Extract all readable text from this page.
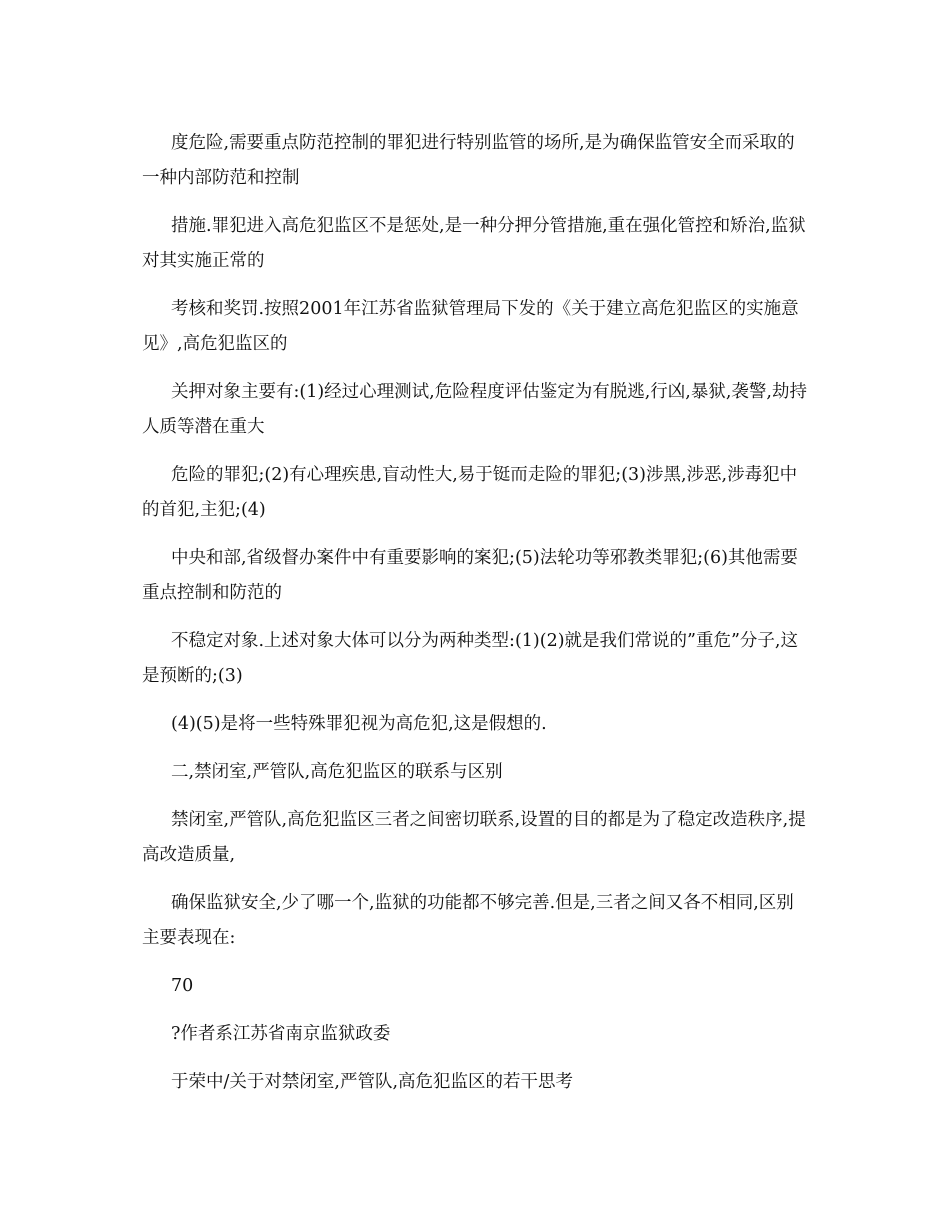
度危险,需要重点防范控制的罪犯进行特别监管的场所,是为确保监管安全而采取的一种内部防范和控制

措施.罪犯进入高危犯监区不是惩处,是一种分押分管措施,重在强化管控和矫治,监狱对其实施正常的

考核和奖罚.按照2001年江苏省监狱管理局下发的《关于建立高危犯监区的实施意见》,高危犯监区的

关押对象主要有:(1)经过心理测试,危险程度评估鉴定为有脱逃,行凶,暴狱,袭警,劫持人质等潜在重大

危险的罪犯;(2)有心理疾患,盲动性大,易于铤而走险的罪犯;(3)涉黑,涉恶,涉毒犯中的首犯,主犯;(4)

中央和部,省级督办案件中有重要影响的案犯;(5)法轮功等邪教类罪犯;(6)其他需要重点控制和防范的

不稳定对象.上述对象大体可以分为两种类型:(1)(2)就是我们常说的”重危”分子,这是预断的;(3)

(4)(5)是将一些特殊罪犯视为高危犯,这是假想的.

二,禁闭室,严管队,高危犯监区的联系与区别

禁闭室,严管队,高危犯监区三者之间密切联系,设置的目的都是为了稳定改造秩序,提高改造质量,

确保监狱安全,少了哪一个,监狱的功能都不够完善.但是,三者之间又各不相同,区别主要表现在:

70

?作者系江苏省南京监狱政委

于荣中/关于对禁闭室,严管队,高危犯监区的若干思考
